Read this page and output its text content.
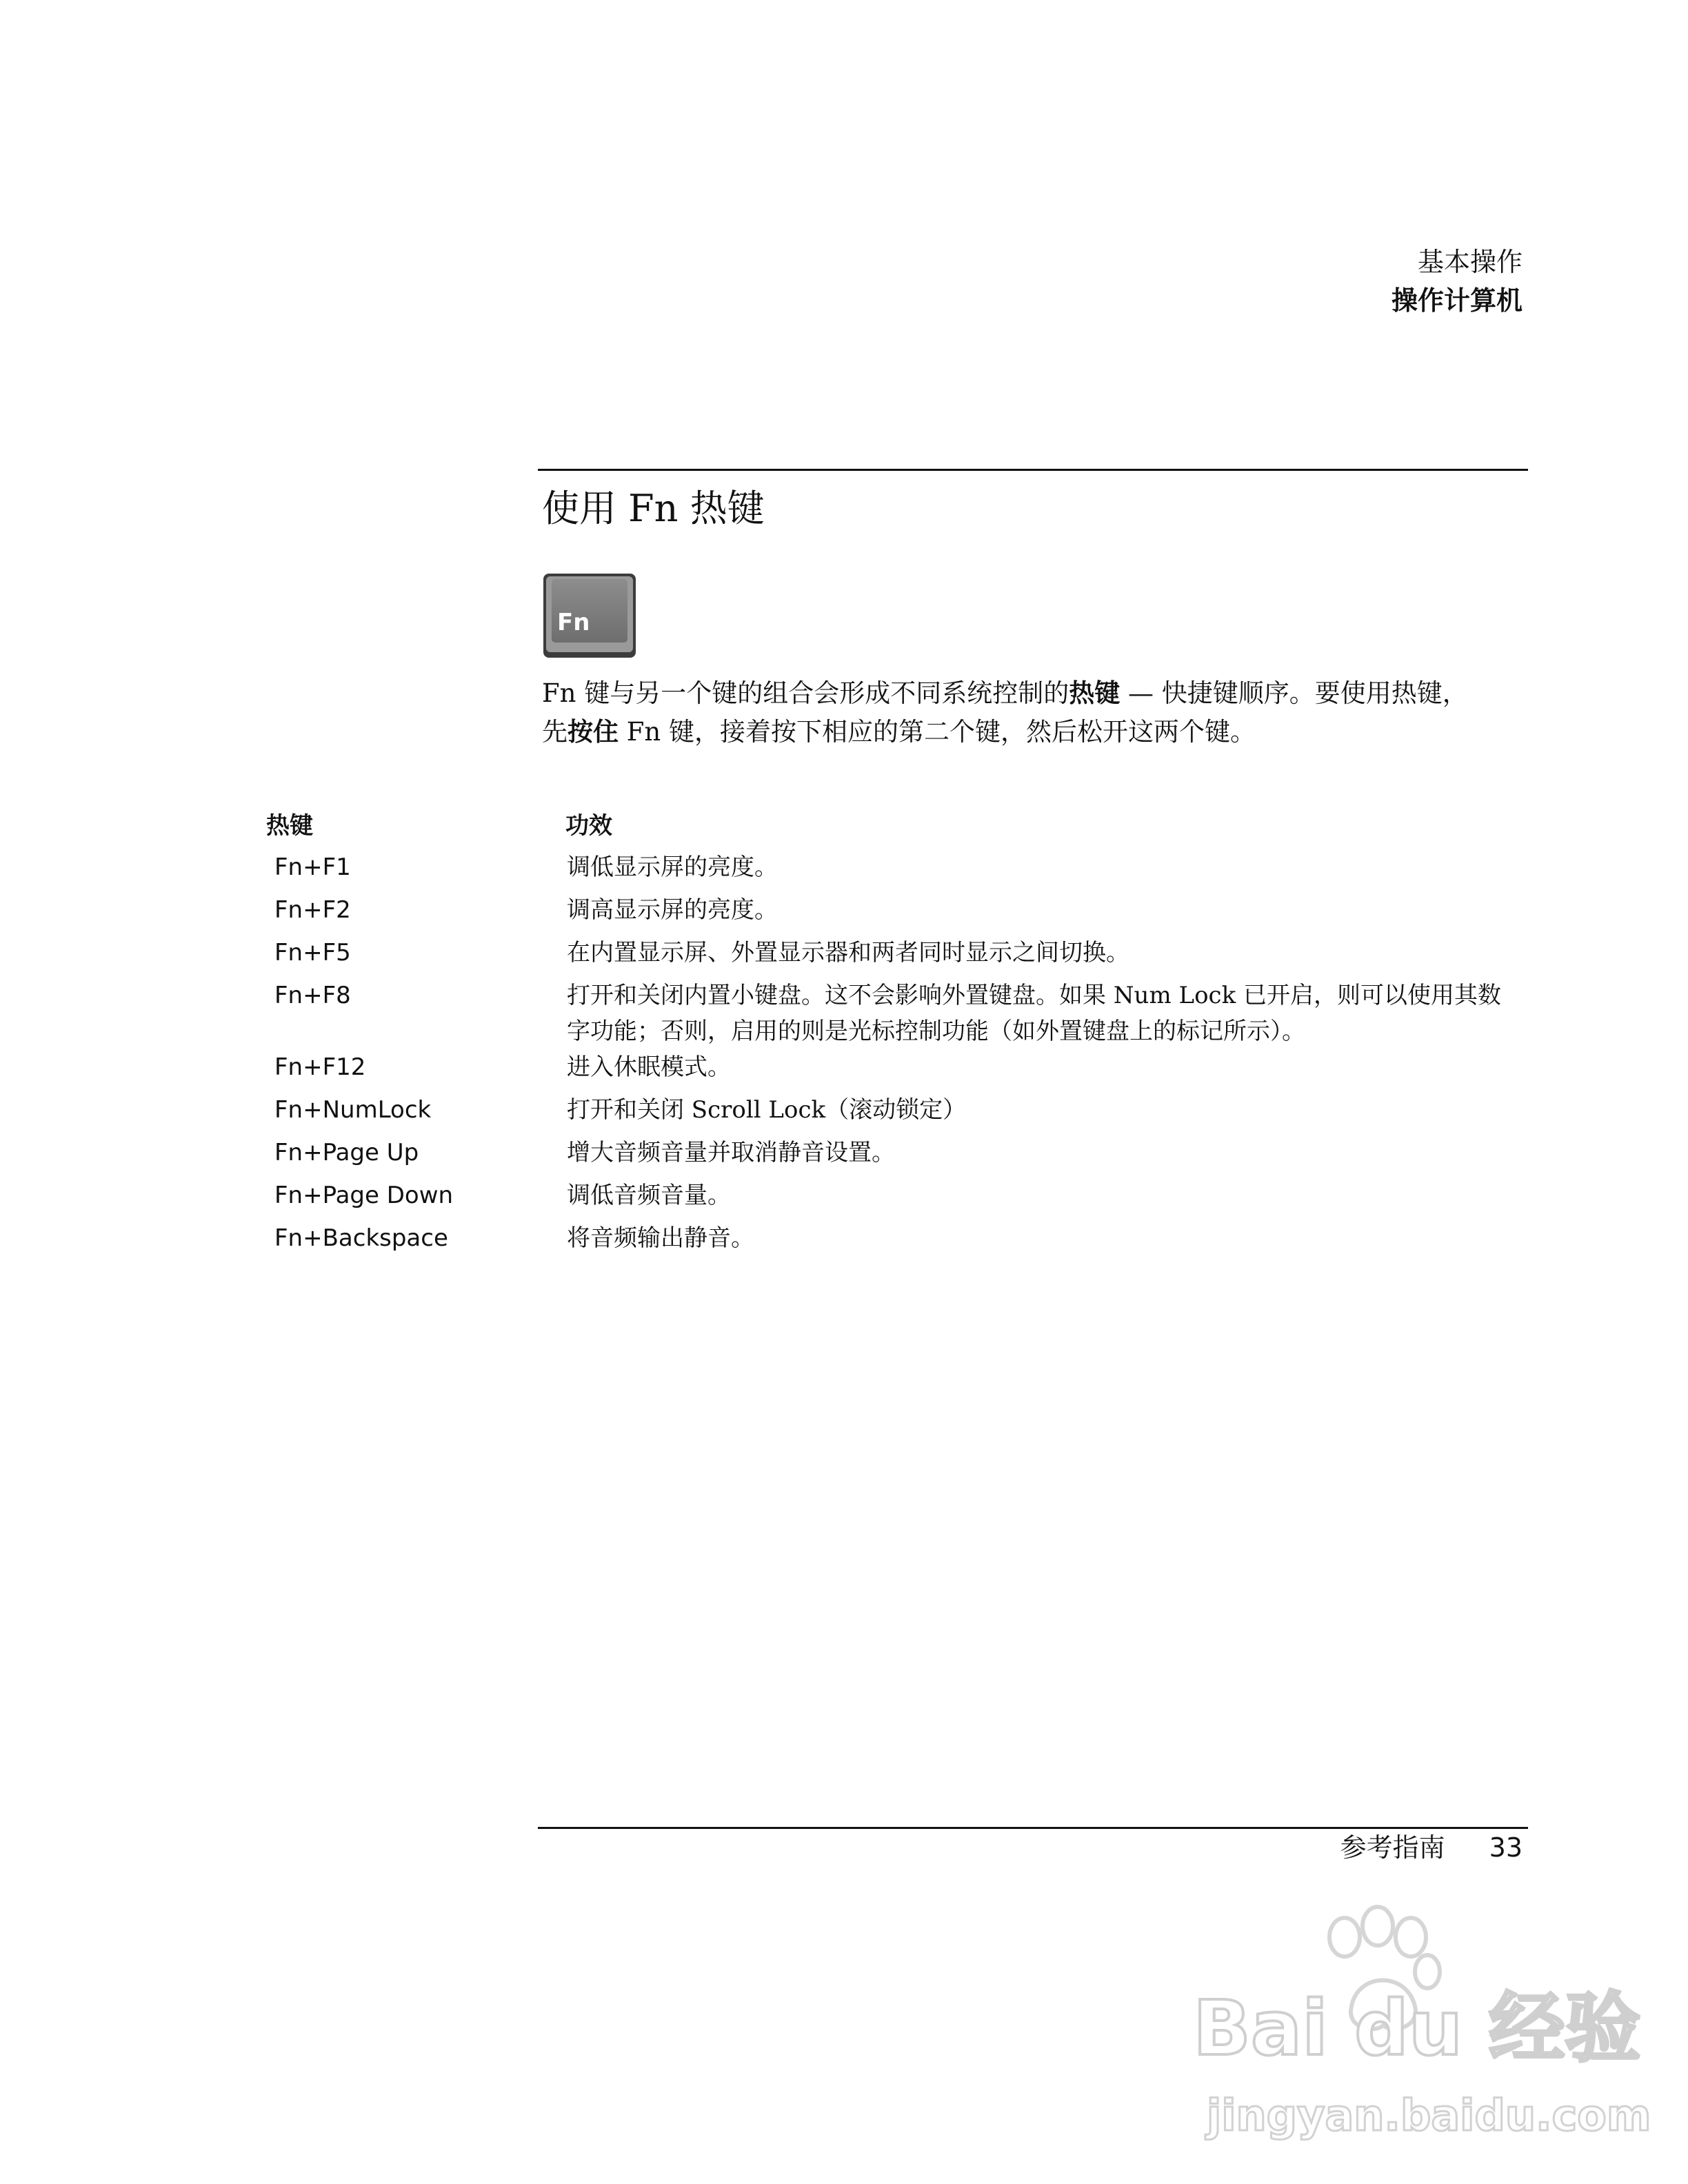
基本操作
操作计算机
使用 Fn 热键
Fn

Fn 键与另一个键的组合会形成不同系统控制的热键 — 快捷键顺序。要使用热键，

先按住 Fn 键，接着按下相应的第二个键，然后松开这两个键。

热键	功效
Fn+F1	调低显示屏的亮度。
Fn+F2	调高显示屏的亮度。
Fn+F5	在内置显示屏、外置显示器和两者同时显示之间切换。
Fn+F8	打开和关闭内置小键盘。这不会影响外置键盘。如果 Num Lock 已开启，则可以使用其数字功能；否则，启用的则是光标控制功能（如外置键盘上的标记所示）。
Fn+F12	进入休眠模式。
Fn+NumLock	打开和关闭 Scroll Lock（滚动锁定）
Fn+Page Up	增大音频音量并取消静音设置。
Fn+Page Down	调低音频音量。
Fn+Backspace	将音频输出静音。
参考指南 33
Bai du 经验
jingyan.baidu.com
